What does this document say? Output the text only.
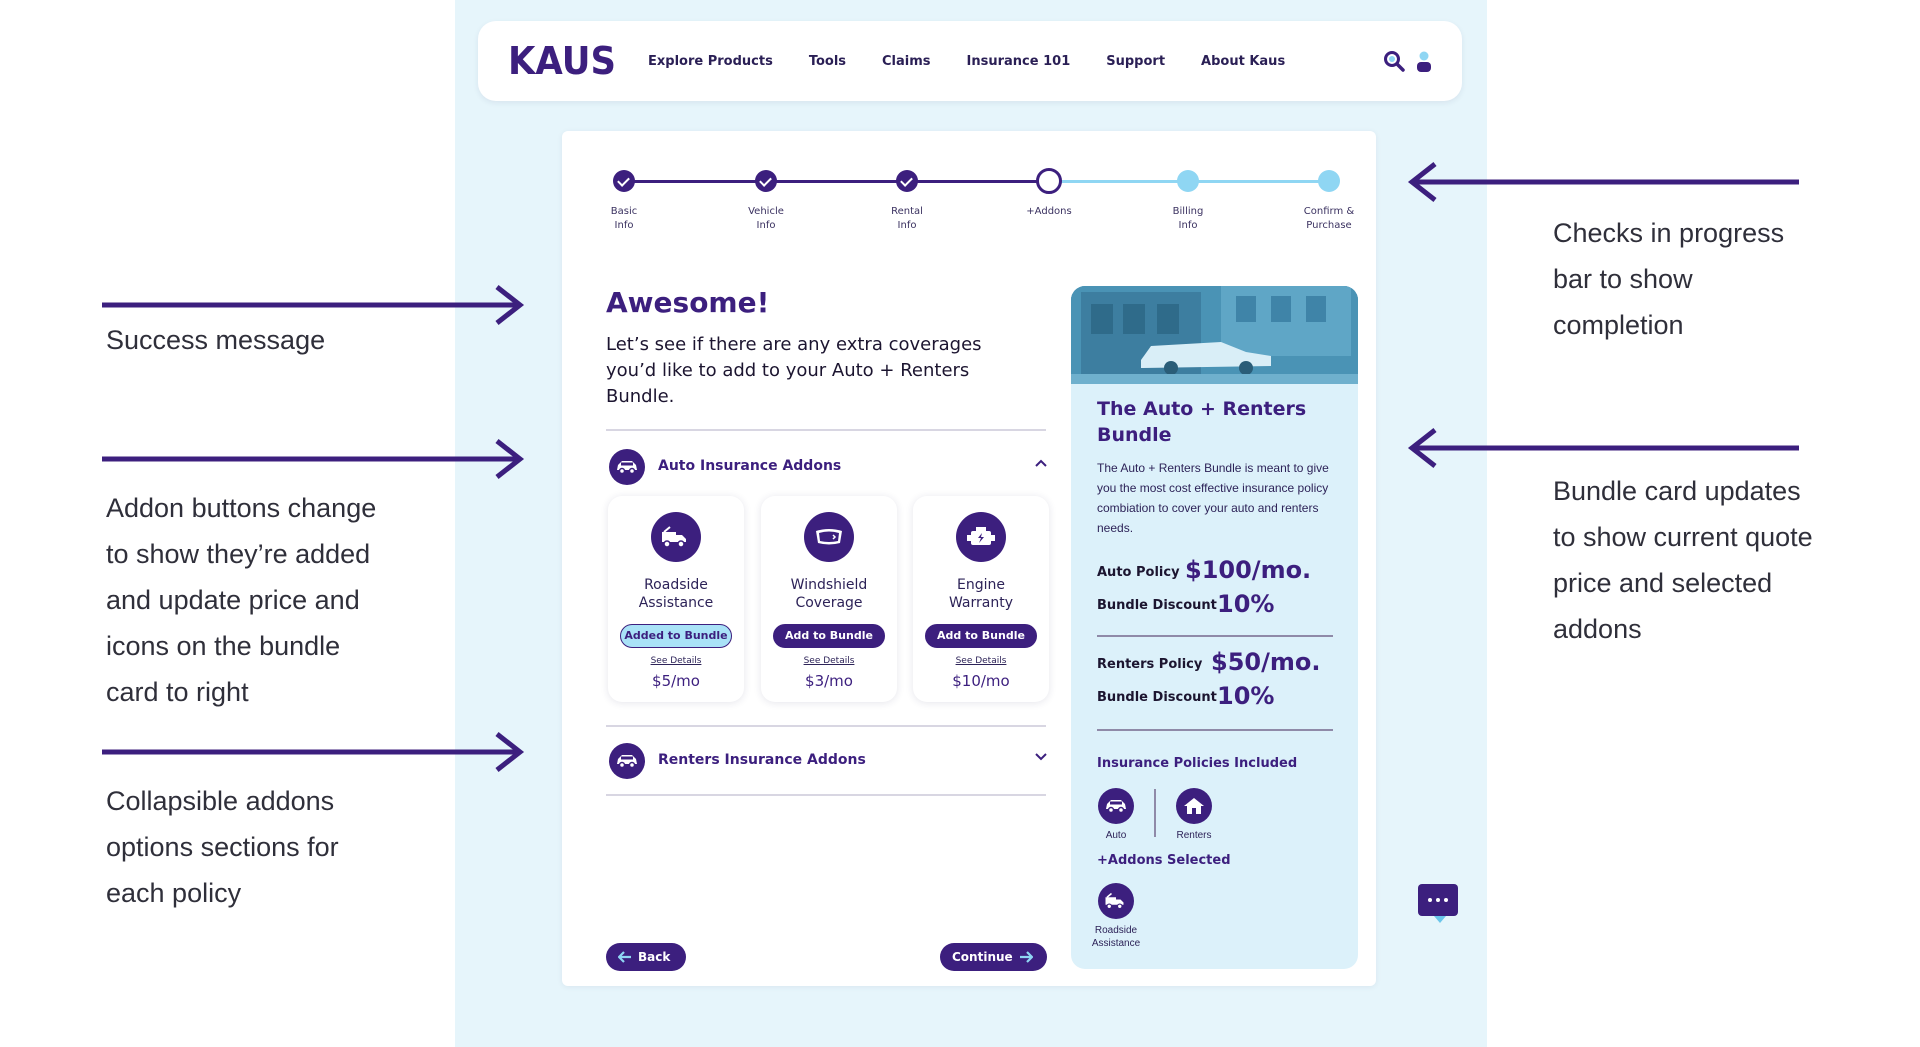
KAUS Explore Products	Tools	Claims	Insurance 101	Support	About Kaus
Basic
Info
Vehicle
Info
Rental
Info
+Addons	Billing
Info
Confirm &
Purchase
Awesome!
Let’s see if there are any extra coverages you’d like to add to your Auto + Renters Bundle.
Auto Insurance Addons
Roadside
Assistance
Added to Bundle
See Details
$5/mo
Windshield
Coverage
Add to Bundle
See Details
$3/mo
Engine
Warranty
Add to Bundle
See Details
$10/mo
Renters Insurance Addons
Back	Continue
The Auto + Renters Bundle
The Auto + Renters Bundle is meant to give you the most cost effective insurance policy combiation to cover your auto and renters needs.
Auto Policy $100/mo.
Bundle Discount 10%
Renters Policy $50/mo.
Bundle Discount 10%
Insurance Policies Included
Auto	Renters
+Addons Selected
Roadside
Assistance
Checks in progress
bar to show
completion
Success message
Addon buttons change
to show they’re added
and update price and
icons on the bundle
card to right
Bundle card updates
to show current quote
price and selected
addons
Collapsible addons
options sections for
each policy
